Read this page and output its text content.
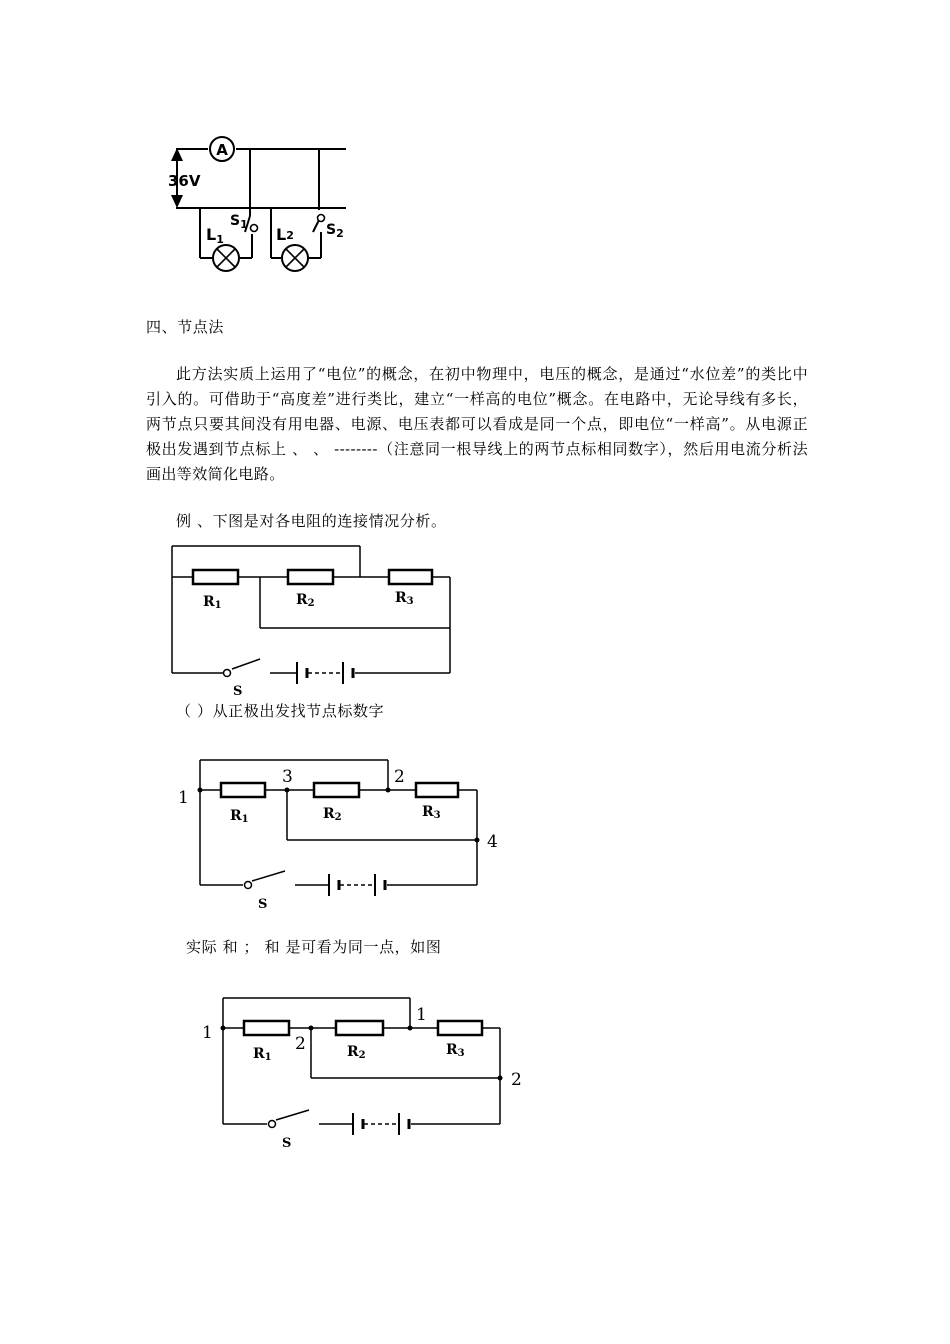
A
36V
L1
$S_1$
L2 $S_2$
四、节点法
此方法实质上运用了“电位”的概念，在初中物理中，电压的概念，是通过“水位差”的类比中引入的。可借助于“高度差”进行类比，建立“一样高的电位”概念。在电路中，无论导线有多长，两节点只要其间没有用电器、电源、电压表都可以看成是同一个点，即电位“一样高”。从电源正极出发遇到节点标上 、 、 --------（注意同一根导线上的两节点标相同数字），然后用电流分析法画出等效简化电路。
例 、下图是对各电阻的连接情况分析。
R1	R2	R3
S
（ ）从正极出发找节点标数字
1
3	2
4
R1	R2	R3
S
实际 和 ； 和 是可看为同一点，如图
1
2
1
2
R1	R2	R3
S
